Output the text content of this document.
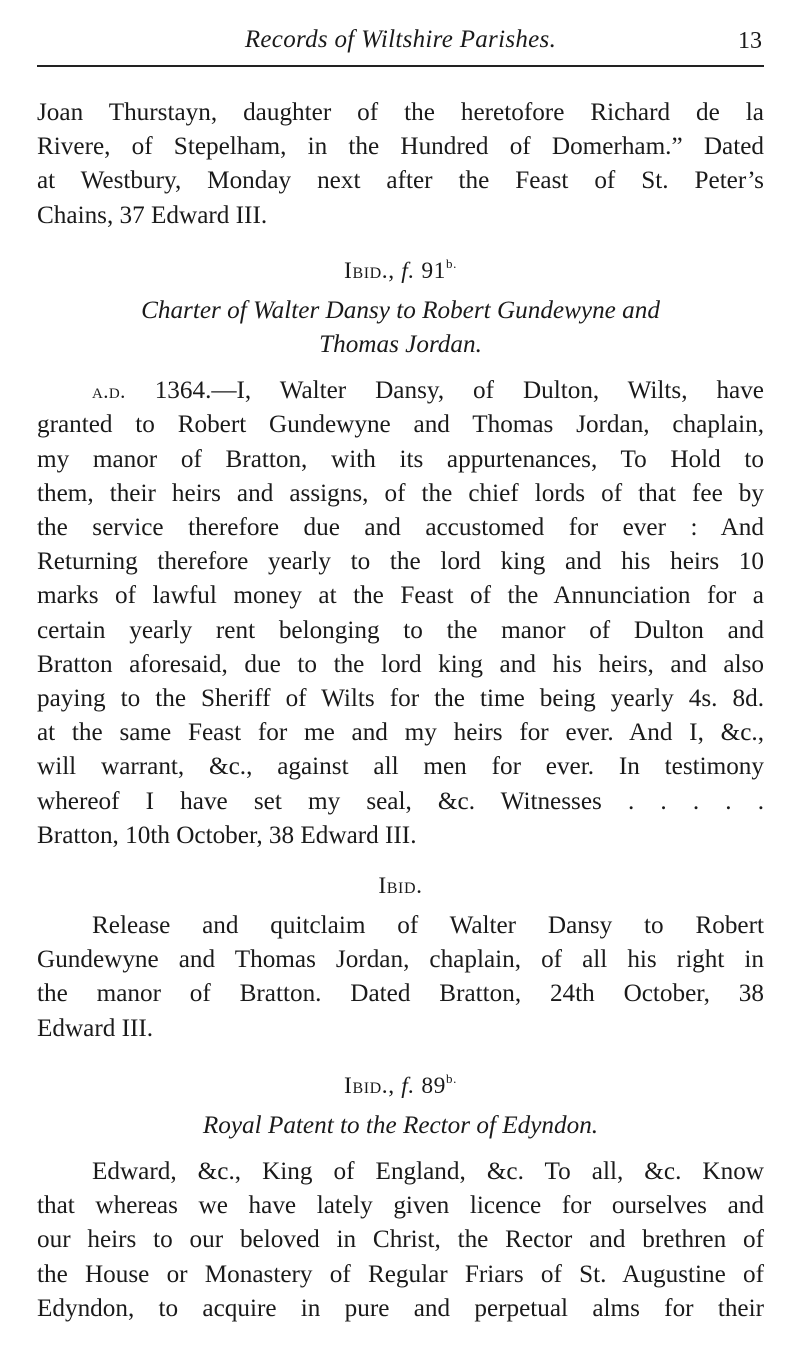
Records of Wiltshire Parishes.	13

Joan Thurstayn, daughter of the heretofore Richard de la
Rivere, of Stepelham, in the Hundred of Domerham.” Dated
at Westbury, Monday next after the Feast of St. Peter’s
Chains, 37 Edward III.

Ibid., f. $91^{b.}$
Charter of Walter Dansy to Robert Gundewyne and
Thomas Jordan.

a.d. 1364.—I, Walter Dansy, of Dulton, Wilts, have
granted to Robert Gundewyne and Thomas Jordan, chaplain,
my manor of Bratton, with its appurtenances, To Hold to
them, their heirs and assigns, of the chief lords of that fee by
the service therefore due and accustomed for ever : And
Returning therefore yearly to the lord king and his heirs 10
marks of lawful money at the Feast of the Annunciation for a
certain yearly rent belonging to the manor of Dulton and
Bratton aforesaid, due to the lord king and his heirs, and also
paying to the Sheriff of Wilts for the time being yearly 4s. 8d.
at the same Feast for me and my heirs for ever. And I, &c.,
will warrant, &c., against all men for ever. In testimony
whereof I have set my seal, &c. Witnesses . . . . .
Bratton, 10th October, 38 Edward III.

Ibid.

Release and quitclaim of Walter Dansy to Robert
Gundewyne and Thomas Jordan, chaplain, of all his right in
the manor of Bratton. Dated Bratton, 24th October, 38
Edward III.

Ibid., f. $89^{b.}$
Royal Patent to the Rector of Edyndon.

Edward, &c., King of England, &c. To all, &c. Know
that whereas we have lately given licence for ourselves and
our heirs to our beloved in Christ, the Rector and brethren of
the House or Monastery of Regular Friars of St. Augustine of
Edyndon, to acquire in pure and perpetual alms for their
